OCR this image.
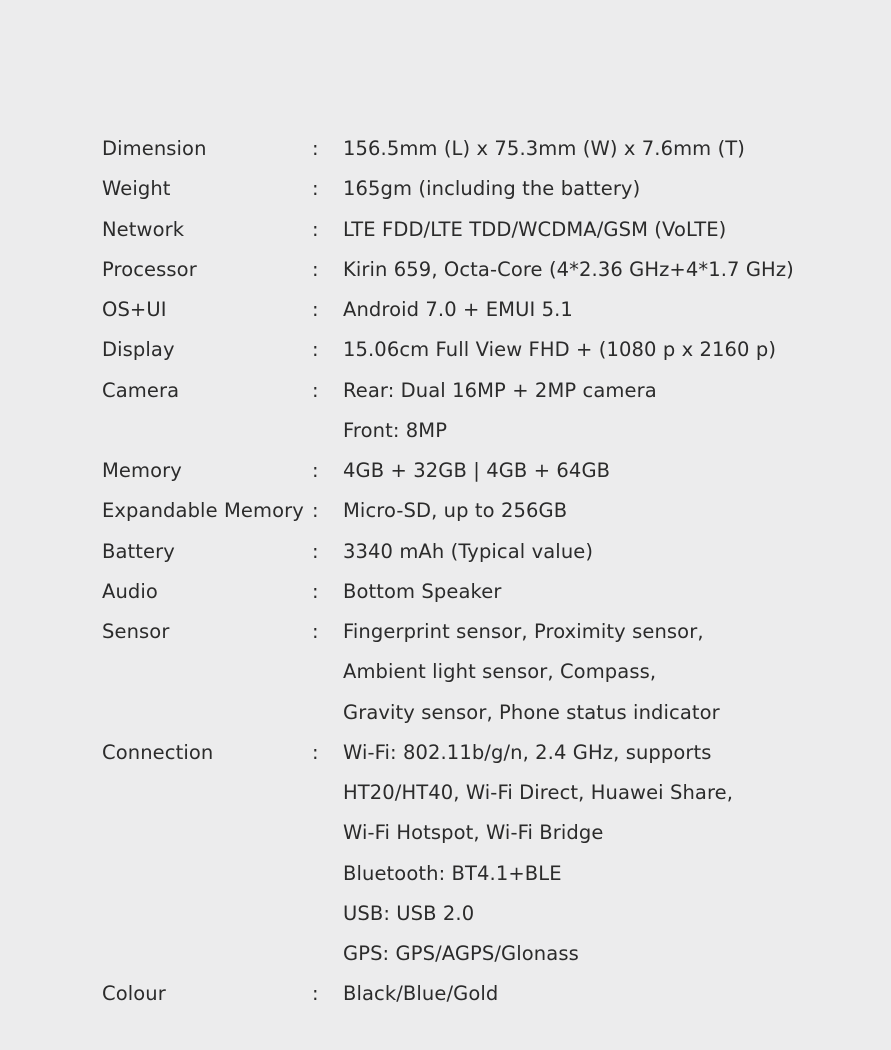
Dimension	:	156.5mm (L) x 75.3mm (W) x 7.6mm (T)
Weight	:	165gm (including the battery)
Network	:	LTE FDD/LTE TDD/WCDMA/GSM (VoLTE)
Processor	:	Kirin 659, Octa-Core (4*2.36 GHz+4*1.7 GHz)
OS+UI	:	Android 7.0 + EMUI 5.1
Display	:	15.06cm Full View FHD + (1080 p x 2160 p)
Camera	:	Rear: Dual 16MP + 2MP camera
Front: 8MP
Memory	:	4GB + 32GB | 4GB + 64GB
Expandable Memory :	Micro-SD, up to 256GB
Battery	:	3340 mAh (Typical value)
Audio	:	Bottom Speaker
Sensor	:	Fingerprint sensor, Proximity sensor,
Ambient light sensor, Compass,
Gravity sensor, Phone status indicator
Connection	:	Wi-Fi: 802.11b/g/n, 2.4 GHz, supports
HT20/HT40, Wi-Fi Direct, Huawei Share,
Wi-Fi Hotspot, Wi-Fi Bridge
Bluetooth: BT4.1+BLE
USB: USB 2.0
GPS: GPS/AGPS/Glonass
Colour	:	Black/Blue/Gold
